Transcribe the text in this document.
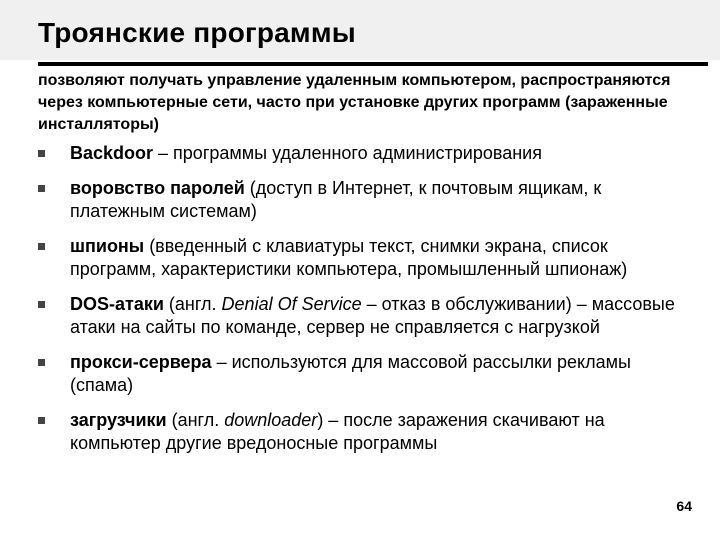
Троянские программы
позволяют получать управление удаленным компьютером, распространяются через компьютерные сети, часто при установке других программ (зараженные инсталляторы)
Backdoor – программы удаленного администрирования
воровство паролей (доступ в Интернет, к почтовым ящикам, к платежным системам)
шпионы (введенный с клавиатуры текст, снимки экрана, список программ, характеристики компьютера, промышленный шпионаж)
DOS-атаки (англ. Denial Of Service – отказ в обслуживании) – массовые атаки на сайты по команде, сервер не справляется с нагрузкой
прокси-сервера – используются для массовой рассылки рекламы (спама)
загрузчики (англ. downloader) – после заражения скачивают на компьютер другие вредоносные программы
64
